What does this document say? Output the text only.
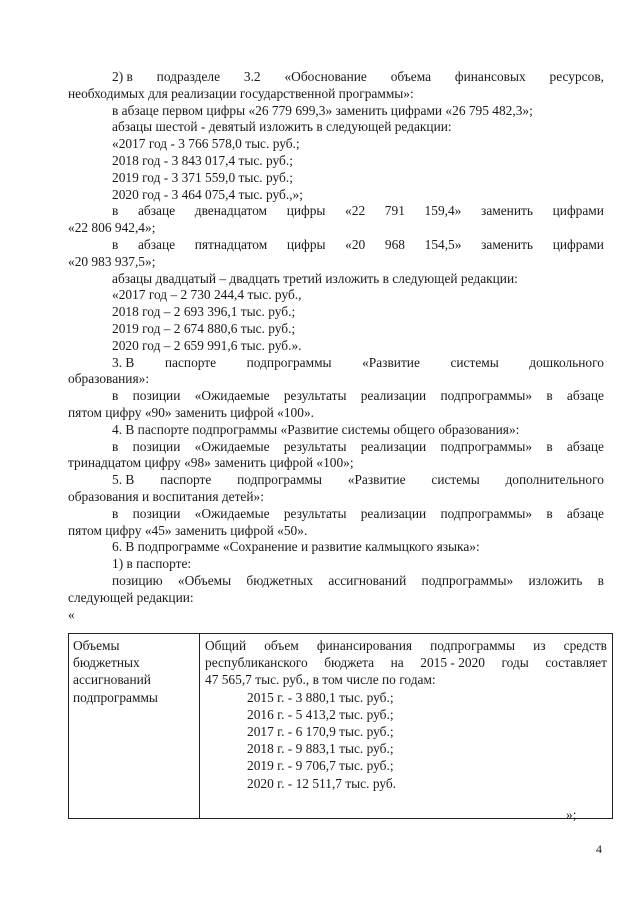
2) в подразделе 3.2 «Обоснование объема финансовых ресурсов,
необходимых для реализации государственной программы»:
в абзаце первом цифры «26 779 699,3» заменить цифрами «26 795 482,3»;
абзацы шестой - девятый изложить в следующей редакции:
«2017 год - 3 766 578,0 тыс. руб.;
2018 год - 3 843 017,4 тыс. руб.;
2019 год - 3 371 559,0 тыс. руб.;
2020 год - 3 464 075,4 тыс. руб.,»;
в абзаце двенадцатом цифры «22 791 159,4» заменить цифрами
«22 806 942,4»;
в абзаце пятнадцатом цифры «20 968 154,5» заменить цифрами
«20 983 937,5»;
абзацы двадцатый – двадцать третий изложить в следующей редакции:
«2017 год – 2 730 244,4 тыс. руб.,
2018 год – 2 693 396,1 тыс. руб.;
2019 год – 2 674 880,6 тыс. руб.;
2020 год – 2 659 991,6 тыс. руб.».
3. В паспорте подпрограммы «Развитие системы дошкольного
образования»:
в позиции «Ожидаемые результаты реализации подпрограммы» в абзаце
пятом цифру «90» заменить цифрой «100».
4. В паспорте подпрограммы «Развитие системы общего образования»:
в позиции «Ожидаемые результаты реализации подпрограммы» в абзаце
тринадцатом цифру «98» заменить цифрой «100»;
5. В паспорте подпрограммы «Развитие системы дополнительного
образования и воспитания детей»:
в позиции «Ожидаемые результаты реализации подпрограммы» в абзаце
пятом цифру «45» заменить цифрой «50».
6. В подпрограмме «Сохранение и развитие калмыцкого языка»:
1) в паспорте:
позицию «Объемы бюджетных ассигнований подпрограммы» изложить в
следующей редакции:
«
Объемы
бюджетных
ассигнований
подпрограммы
Общий объем финансирования подпрограммы из средств
республиканского бюджета на 2015 - 2020 годы составляет
47 565,7 тыс. руб., в том числе по годам:
2015 г. - 3 880,1 тыс. руб.;
2016 г. - 5 413,2 тыс. руб.;
2017 г. - 6 170,9 тыс. руб.;
2018 г. - 9 883,1 тыс. руб.;
2019 г. - 9 706,7 тыс. руб.;
2020 г. - 12 511,7 тыс. руб.
»;
4
